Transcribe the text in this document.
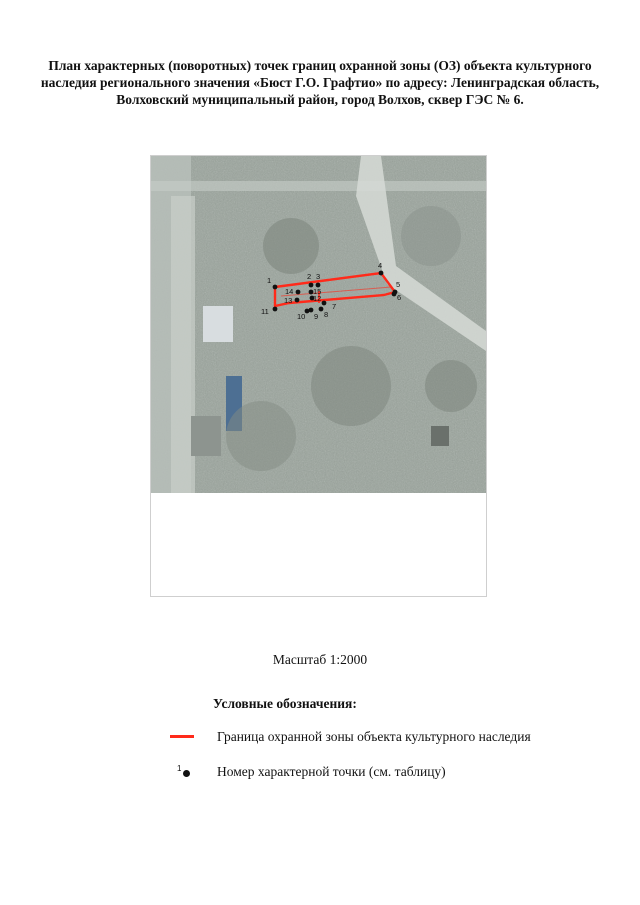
План характерных (поворотных) точек границ охранной зоны (ОЗ) объекта культурного наследия регионального значения «Бюст Г.О. Графтио» по адресу: Ленинградская область, Волховский муниципальный район, город Волхов, сквер ГЭС № 6.
1	2 3
4
5
6
7
8
9
10
11
12
13
14	15
Масштаб 1:2000
Условные обозначения:
Граница охранной зоны объекта культурного наследия
1	Номер характерной точки (см. таблицу)
